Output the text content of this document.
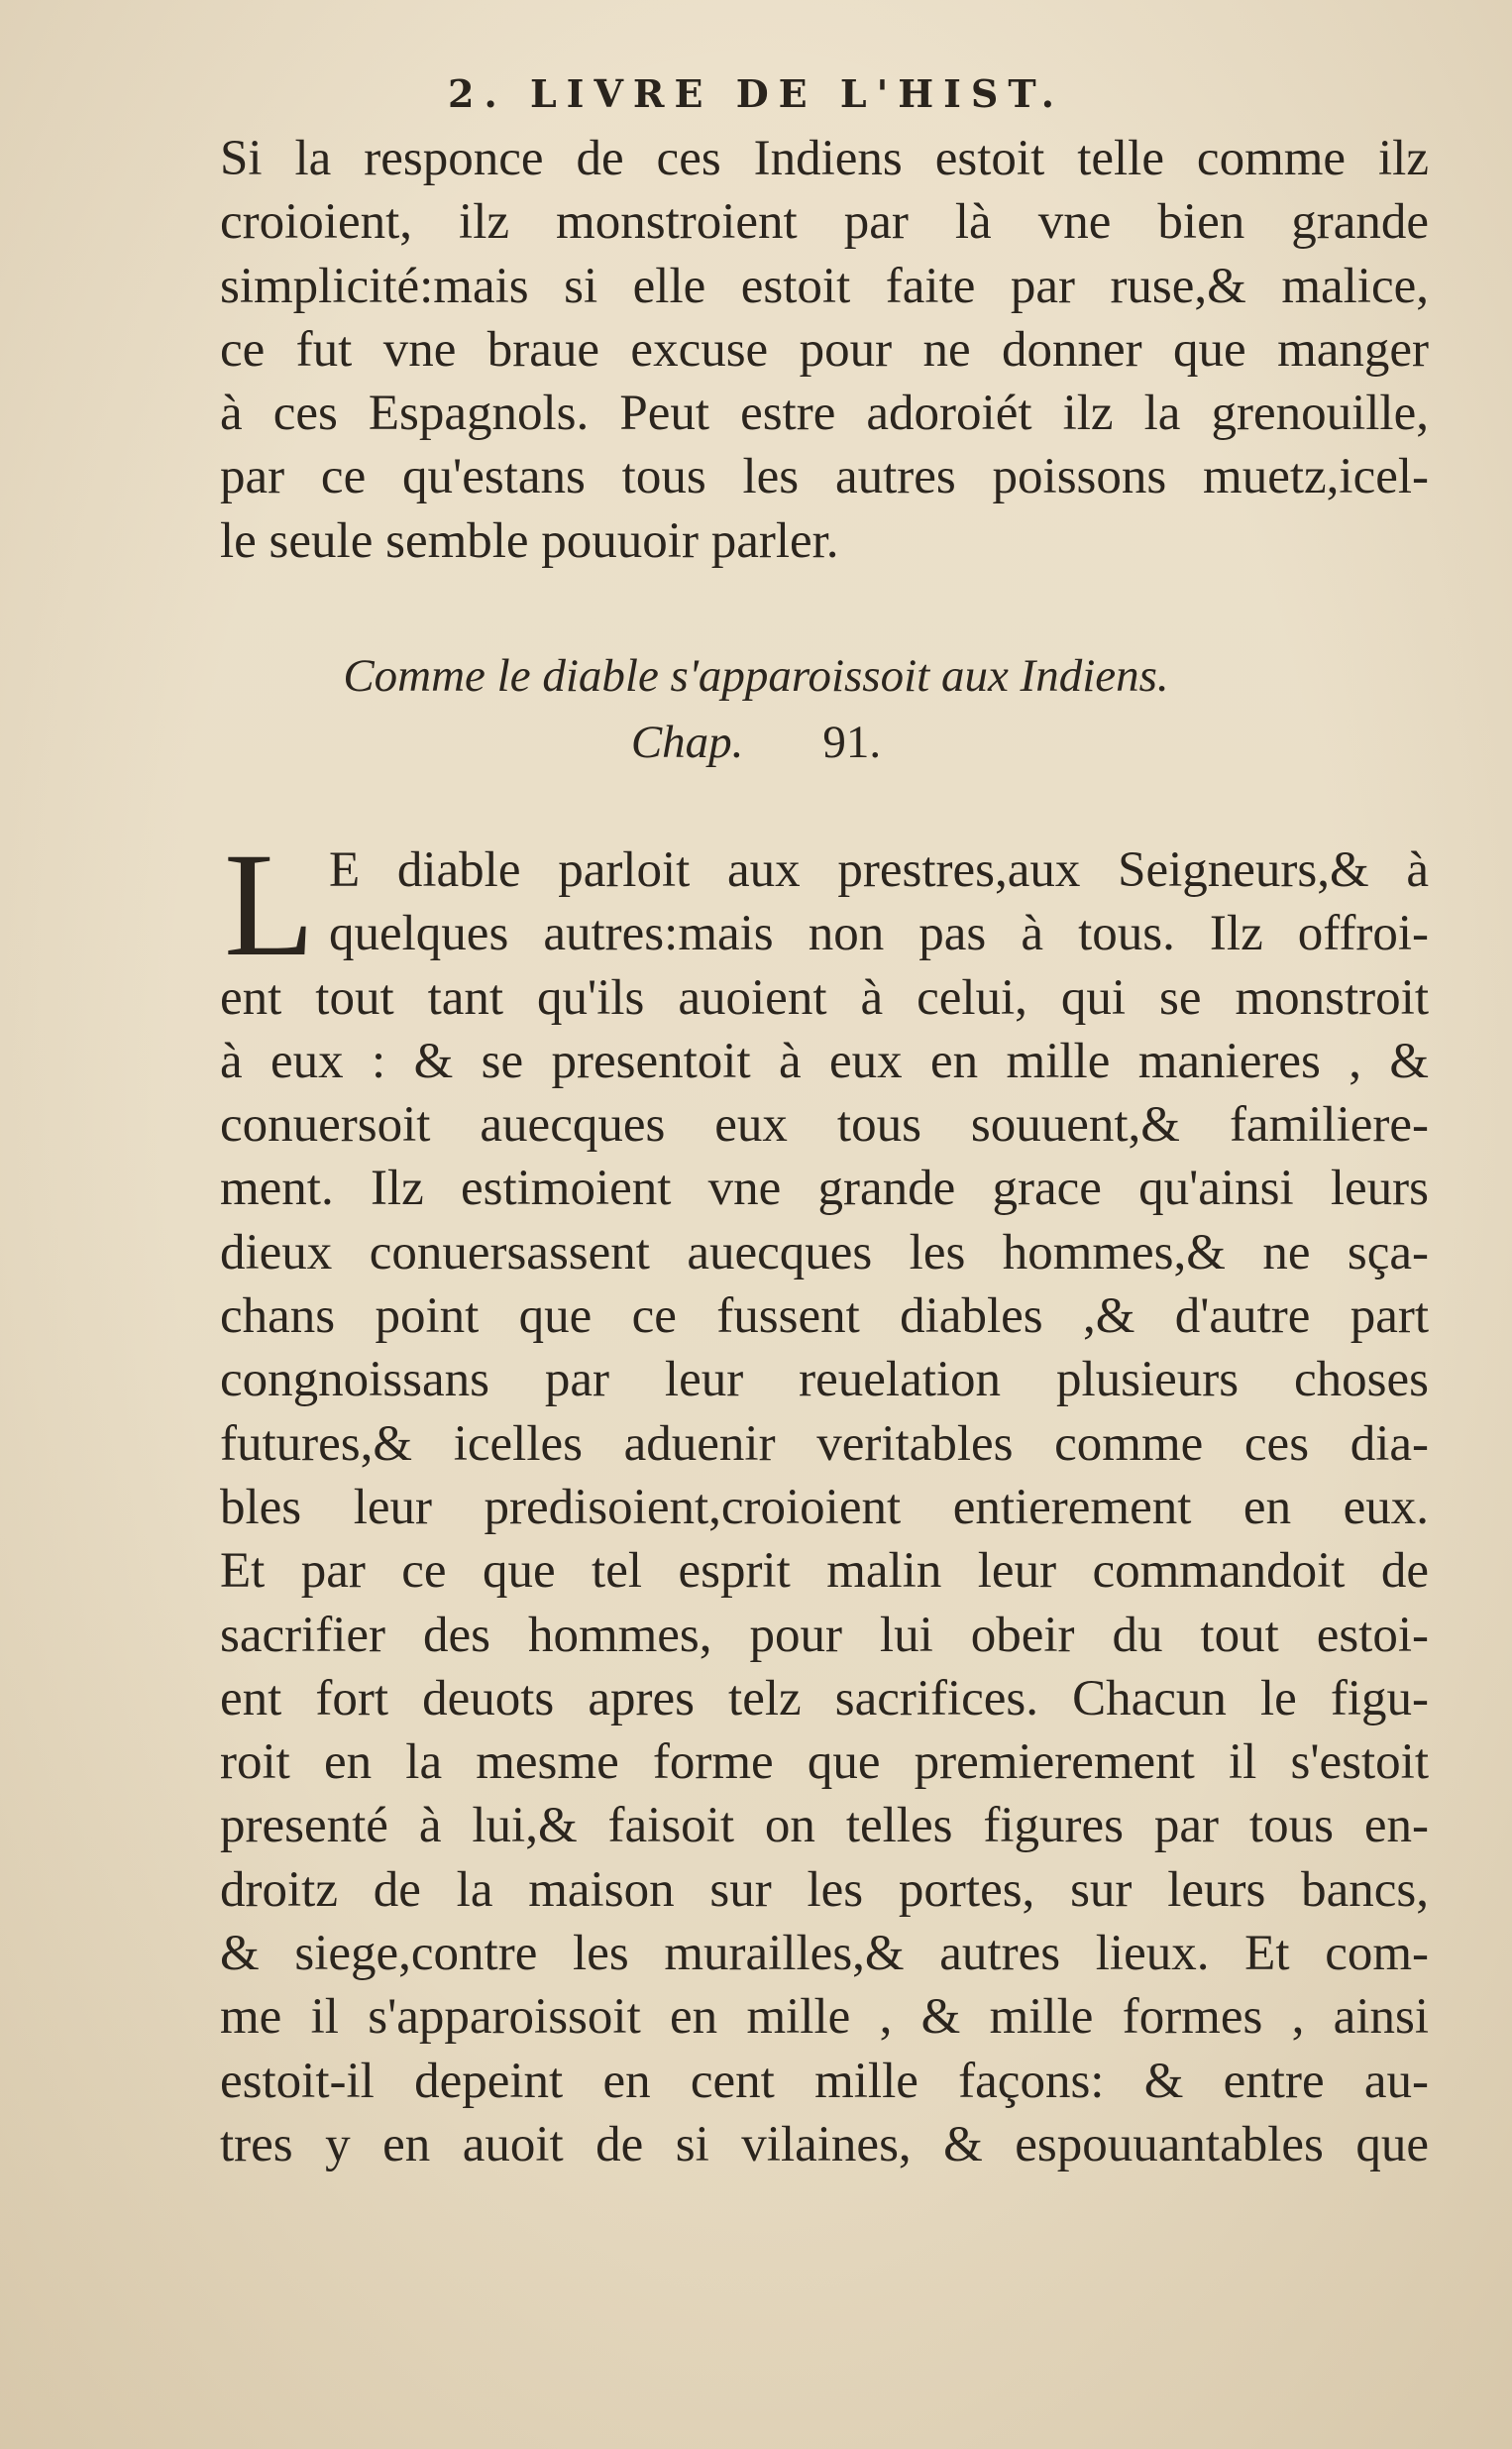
2. LIVRE DE L'HIST.
Si la responce de ces Indiens estoit telle comme ilz
croioient, ilz monstroient par là vne bien grande
simplicité:mais si elle estoit faite par ruse,& malice,
ce fut vne braue excuse pour ne donner que manger
à ces Espagnols. Peut estre adoroiét ilz la grenouille,
par ce qu'estans tous les autres poissons muetz,icel-
le seule semble pouuoir parler.
Comme le diable s'apparoissoit aux Indiens.
Chap. 91.
L E diable parloit aux prestres,aux Seigneurs,& à
quelques autres:mais non pas à tous. Ilz offroi-
ent tout tant qu'ils auoient à celui, qui se monstroit
à eux : & se presentoit à eux en mille manieres , &
conuersoit auecques eux tous souuent,& familiere-
ment. Ilz estimoient vne grande grace qu'ainsi leurs
dieux conuersassent auecques les hommes,& ne sça-
chans point que ce fussent diables ,& d'autre part
congnoissans par leur reuelation plusieurs choses
futures,& icelles aduenir veritables comme ces dia-
bles leur predisoient,croioient entierement en eux.
Et par ce que tel esprit malin leur commandoit de
sacrifier des hommes, pour lui obeir du tout estoi-
ent fort deuots apres telz sacrifices. Chacun le figu-
roit en la mesme forme que premierement il s'estoit
presenté à lui,& faisoit on telles figures par tous en-
droitz de la maison sur les portes, sur leurs bancs,
& siege,contre les murailles,& autres lieux. Et com-
me il s'apparoissoit en mille , & mille formes , ainsi
estoit-il depeint en cent mille façons: & entre au-
tres y en auoit de si vilaines, & espouuantables que
